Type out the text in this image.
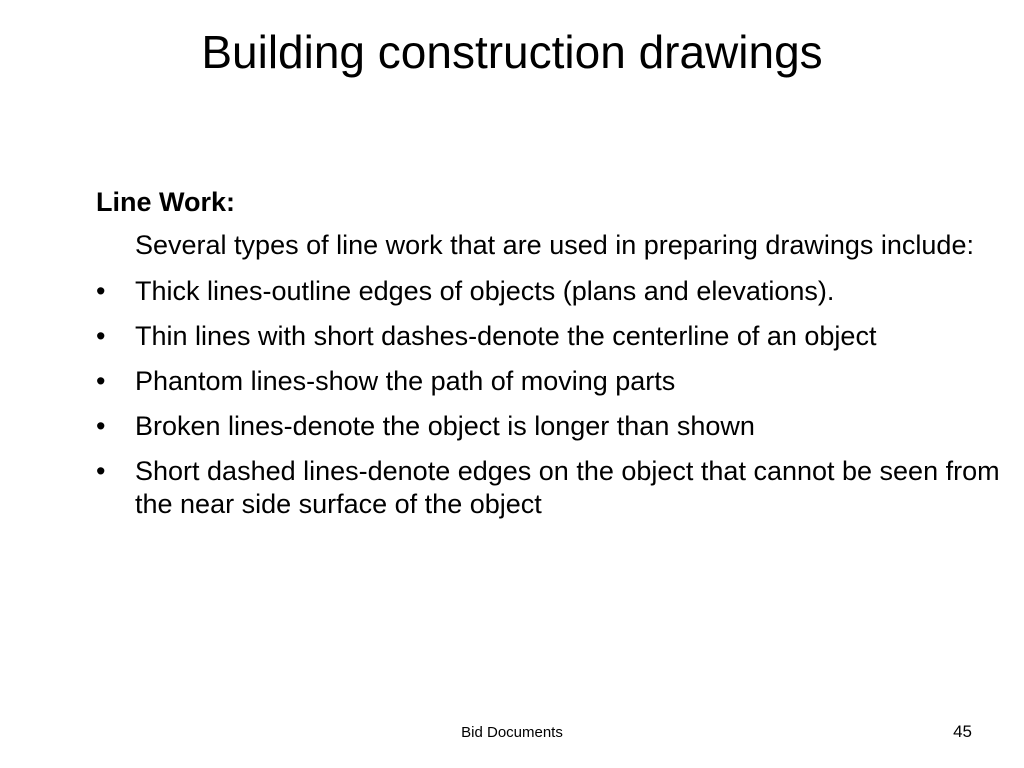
Building construction drawings
Line Work:
Several types of line work that are used in preparing drawings include:
•	Thick lines-outline edges of objects (plans and elevations).
•	Thin lines with short dashes-denote the centerline of an object
•	Phantom lines-show the path of moving parts
•	Broken lines-denote the object is longer than shown
•	Short dashed lines-denote edges on the object that cannot be seen from the near side surface of the object
Bid Documents	45
